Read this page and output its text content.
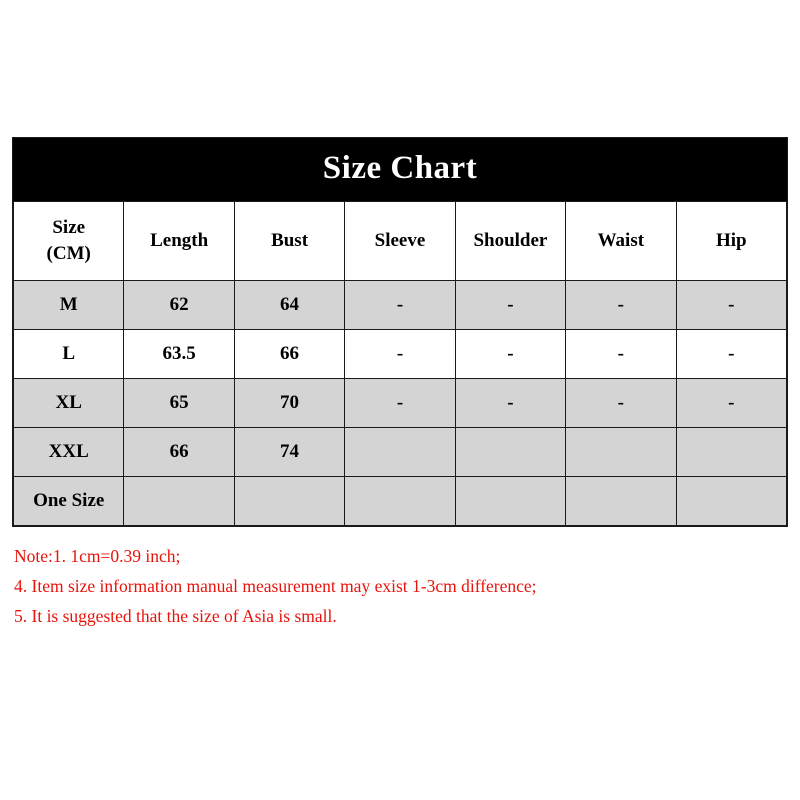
Size Chart
Size
(CM)	Length	Bust	Sleeve	Shoulder	Waist	Hip
M	62	64	-	-	-	-
L	63.5	66	-	-	-	-
XL	65	70	-	-	-	-
XXL	66	74				
One Size						
Note:1. 1cm=0.39 inch;
4. Item size information manual measurement may exist 1-3cm difference;
5. It is suggested that the size of Asia is small.
